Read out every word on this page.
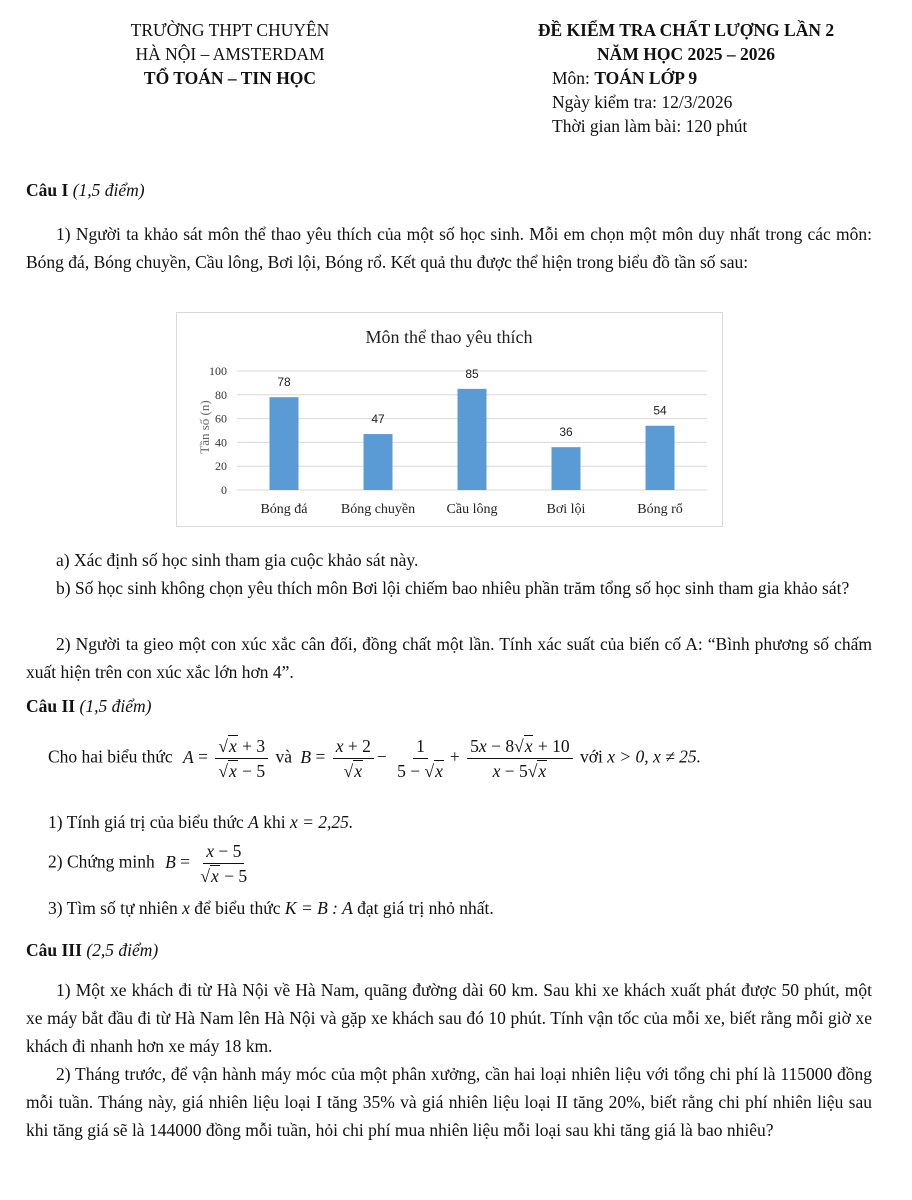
TRƯỜNG THPT CHUYÊN
HÀ NỘI – AMSTERDAM
TỔ TOÁN – TIN HỌC
ĐỀ KIỂM TRA CHẤT LƯỢNG LẦN 2
NĂM HỌC 2025 – 2026
Môn: TOÁN LỚP 9
Ngày kiểm tra: 12/3/2026
Thời gian làm bài: 120 phút
Câu I (1,5 điểm)
1) Người ta khảo sát môn thể thao yêu thích của một số học sinh. Mỗi em chọn một môn duy nhất trong các môn: Bóng đá, Bóng chuyền, Cầu lông, Bơi lội, Bóng rổ. Kết quả thu được thể hiện trong biểu đồ tần số sau:
Môn thể thao yêu thích
Tần số (n)
0
20
40
60
80
100
78
47
85
36
54
Bóng đá Bóng chuyền Cầu lông	Bơi lội	Bóng rổ
a) Xác định số học sinh tham gia cuộc khảo sát này.
b) Số học sinh không chọn yêu thích môn Bơi lội chiếm bao nhiêu phần trăm tổng số học sinh tham gia khảo sát?
2) Người ta gieo một con xúc xắc cân đối, đồng chất một lần. Tính xác suất của biến cố A: “Bình phương số chấm xuất hiện trên con xúc xắc lớn hơn 4”.
Câu II (1,5 điểm)
Cho hai biểu thức $A = \frac{√x + 3}{√x - 5}$ và $B = \frac{x + 2}{√x} - \frac{1}{5 - √x} + \frac{5x - 8√x + 10}{x - 5√x}$ với x > 0, x ≠ 25.
1) Tính giá trị của biểu thức A khi x = 2,25.
2) Chứng minh $B = \frac{x - 5}{√x - 5}$
3) Tìm số tự nhiên x để biểu thức K = B : A đạt giá trị nhỏ nhất.
Câu III (2,5 điểm)
1) Một xe khách đi từ Hà Nội về Hà Nam, quãng đường dài 60 km. Sau khi xe khách xuất phát được 50 phút, một xe máy bắt đầu đi từ Hà Nam lên Hà Nội và gặp xe khách sau đó 10 phút. Tính vận tốc của mỗi xe, biết rằng mỗi giờ xe khách đi nhanh hơn xe máy 18 km.
2) Tháng trước, để vận hành máy móc của một phân xưởng, cần hai loại nhiên liệu với tổng chi phí là 115000 đồng mỗi tuần. Tháng này, giá nhiên liệu loại I tăng 35% và giá nhiên liệu loại II tăng 20%, biết rằng chi phí nhiên liệu sau khi tăng giá sẽ là 144000 đồng mỗi tuần, hỏi chi phí mua nhiên liệu mỗi loại sau khi tăng giá là bao nhiêu?
